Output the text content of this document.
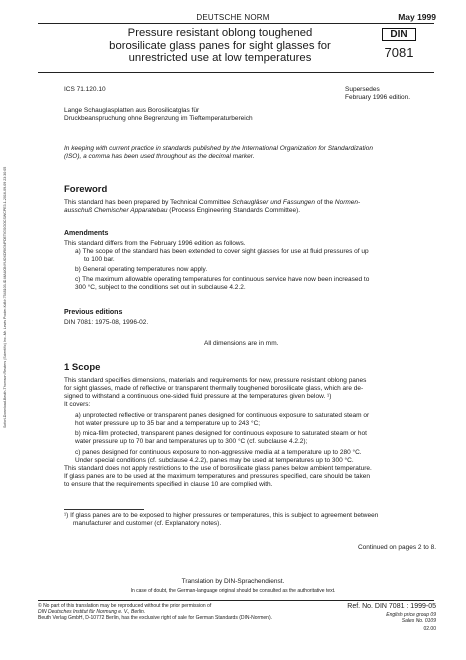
DEUTSCHE NORM	May 1999
Pressure resistant oblong toughened
borosilicate glass panes for sight glasses for
unrestricted use at low temperatures
DIN
7081
Sofort-Download-Beuth-Thomson Reuters (Scientific) Inc.-Mr. Lewis Pooler-KdNr.7548103-ID.MAUONYUOXDRIGNPDETIGSGOCSWCPE3.1-2016-09-09 23:30:05
ICS 71.120.10	Supersedes
February 1996 edition.
Lange Schauglasplatten aus Borosilicatglas für
Druckbeanspruchung ohne Begrenzung im Tieftemperaturbereich
In keeping with current practice in standards published by the International Organization for Standardization
(ISO), a comma has been used throughout as the decimal marker.
Foreword
This standard has been prepared by Technical Committee Schaugläser und Fassungen of the Normen-
ausschuß Chemischer Apparatebau (Process Engineering Standards Committee).
Amendments
This standard differs from the February 1996 edition as follows.
a) The scope of the standard has been extended to cover sight glasses for use at fluid pressures of up
to 100 bar.
b) General operating temperatures now apply.
c) The maximum allowable operating temperatures for continuous service have now been increased to
300 °C, subject to the conditions set out in subclause 4.2.2.
Previous editions
DIN 7081: 1975-08, 1996-02.
All dimensions are in mm.
1 Scope
This standard specifies dimensions, materials and requirements for new, pressure resistant oblong panes
for sight glasses, made of reflective or transparent thermally toughened borosilicate glass, which are de-
signed to withstand a continuous one-sided fluid pressure at the temperatures given below. ¹)
It covers:
a) unprotected reflective or transparent panes designed for continuous exposure to saturated steam or
hot water pressure up to 35 bar and a temperature up to 243 °C;
b) mica-film protected, transparent panes designed for continuous exposure to saturated steam or hot
water pressure up to 70 bar and temperatures up to 300 °C (cf. subclause 4.2.2);
c) panes designed for continuous exposure to non-aggressive media at a temperature up to 280 °C.
Under special conditions (cf. subclause 4.2.2), panes may be used at temperatures up to 300 °C.
This standard does not apply restrictions to the use of borosilicate glass panes below ambient temperature.
If glass panes are to be used at the maximum temperatures and pressures specified, care should be taken
to ensure that the requirements specified in clause 10 are complied with.
¹) If glass panes are to be exposed to higher pressures or temperatures, this is subject to agreement between
manufacturer and customer (cf. Explanatory notes).
Continued on pages 2 to 8.
Translation by DIN-Sprachendienst.
In case of doubt, the German-language original should be consulted as the authoritative text.
© No part of this translation may be reproduced without the prior permission of
DIN Deutsches Institut für Normung e. V., Berlin.
Beuth Verlag GmbH, D-10772 Berlin, has the exclusive right of sale for German Standards (DIN-Normen).
Ref. No. DIN 7081 : 1999-05
English price group 09
Sales No. 0109
02.00
